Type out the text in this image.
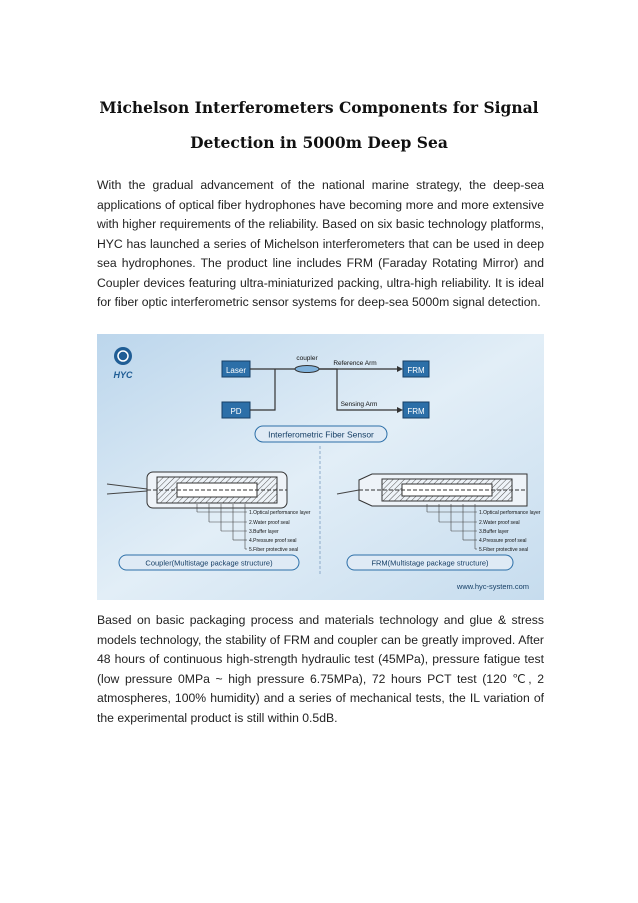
Michelson Interferometers Components for Signal
Detection in 5000m Deep Sea
With the gradual advancement of the national marine strategy, the deep-sea applications of optical fiber hydrophones have becoming more and more extensive with higher requirements of the reliability. Based on six basic technology platforms, HYC has launched a series of Michelson interferometers that can be used in deep sea hydrophones. The product line includes FRM (Faraday Rotating Mirror) and Coupler devices featuring ultra-miniaturized packing, ultra-high reliability. It is ideal for fiber optic interferometric sensor systems for deep-sea 5000m signal detection.
HYC	Laser
PD
coupler
Reference Arm
Sensing Arm
FRM
FRM
Interferometric Fiber Sensor
1.Optical performance layer
2.Water proof seal
3.Buffer layer
4.Pressure proof seal
5.Fiber protective seal
1.Optical performance layer
2.Water proof seal
3.Buffer layer
4.Pressure proof seal
5.Fiber protective seal
Coupler(Multistage package structure)	FRM(Multistage package structure)
www.hyc-system.com
Based on basic packaging process and materials technology and glue & stress models technology, the stability of FRM and coupler can be greatly improved. After 48 hours of continuous high-strength hydraulic test (45MPa), pressure fatigue test (low pressure 0MPa ~ high pressure 6.75MPa), 72 hours PCT test (120 ℃, 2 atmospheres, 100% humidity) and a series of mechanical tests, the IL variation of the experimental product is still within 0.5dB.
